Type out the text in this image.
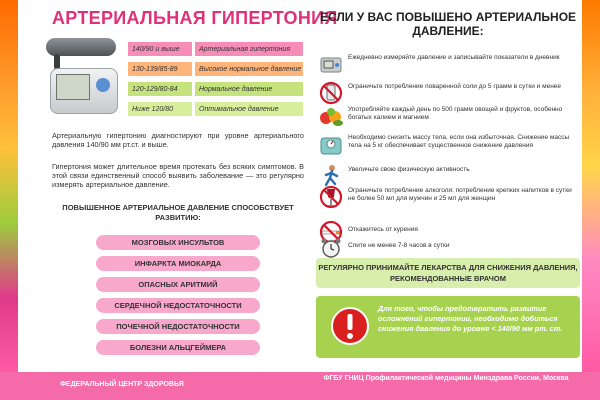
АРТЕРИАЛЬНАЯ ГИПЕРТОНИЯ
140/90 и выше	Артериальная гипертония
130-139/85-89	Высокое нормальное давление
120-129/80-84	Нормальное давление
Ниже 120/80	Оптимальное давление
Артериальную гипертонию диагностируют при уровне артериального давления 140/90 мм рт.ст. и выше.
Гипертония может длительное время протекать без всяких симптомов. В этой связи единственный способ выявить заболевание — это регулярно измерять артериальное давление.
ПОВЫШЕННОЕ АРТЕРИАЛЬНОЕ ДАВЛЕНИЕ СПОСОБСТВУЕТ РАЗВИТИЮ:
МОЗГОВЫХ ИНСУЛЬТОВ
ИНФАРКТА МИОКАРДА
ОПАСНЫХ АРИТМИЙ
СЕРДЕЧНОЙ НЕДОСТАТОЧНОСТИ
ПОЧЕЧНОЙ НЕДОСТАТОЧНОСТИ
БОЛЕЗНИ АЛЬЦГЕЙМЕРА
ЕСЛИ У ВАС ПОВЫШЕНО АРТЕРИАЛЬНОЕ ДАВЛЕНИЕ:
Ежедневно измеряйте давление и записывайте показатели в дневник
Ограничьте потребление поваренной соли до 5 грамм в сутки и менее
Употребляйте каждый день по 500 грамм овощей и фруктов, особенно богатых калием и магнием
Необходимо снизить массу тела, если она избыточная. Снижение массы тела на 5 кг обеспечивает существенное снижение давления
Увеличьте свою физическую активность
Ограничьте потребление алкоголя: потребление крепких напитков в сутки не более 50 мл для мужчин и 25 мл для женщин
Откажитесь от курения
Спите не менее 7-8 часов в сутки
РЕГУЛЯРНО ПРИНИМАЙТЕ ЛЕКАРСТВА ДЛЯ СНИЖЕНИЯ ДАВЛЕНИЯ, РЕКОМЕНДОВАННЫЕ ВРАЧОМ
Для того, чтобы предотвратить развитие осложнений гипертонии, необходимо добиться снижения давления до уровня < 140/90 мм рт. ст.
ФЕДЕРАЛЬНЫЙ ЦЕНТР ЗДОРОВЬЯ
ФГБУ ГНИЦ Профилактической медицины Минздрава России, Москва
